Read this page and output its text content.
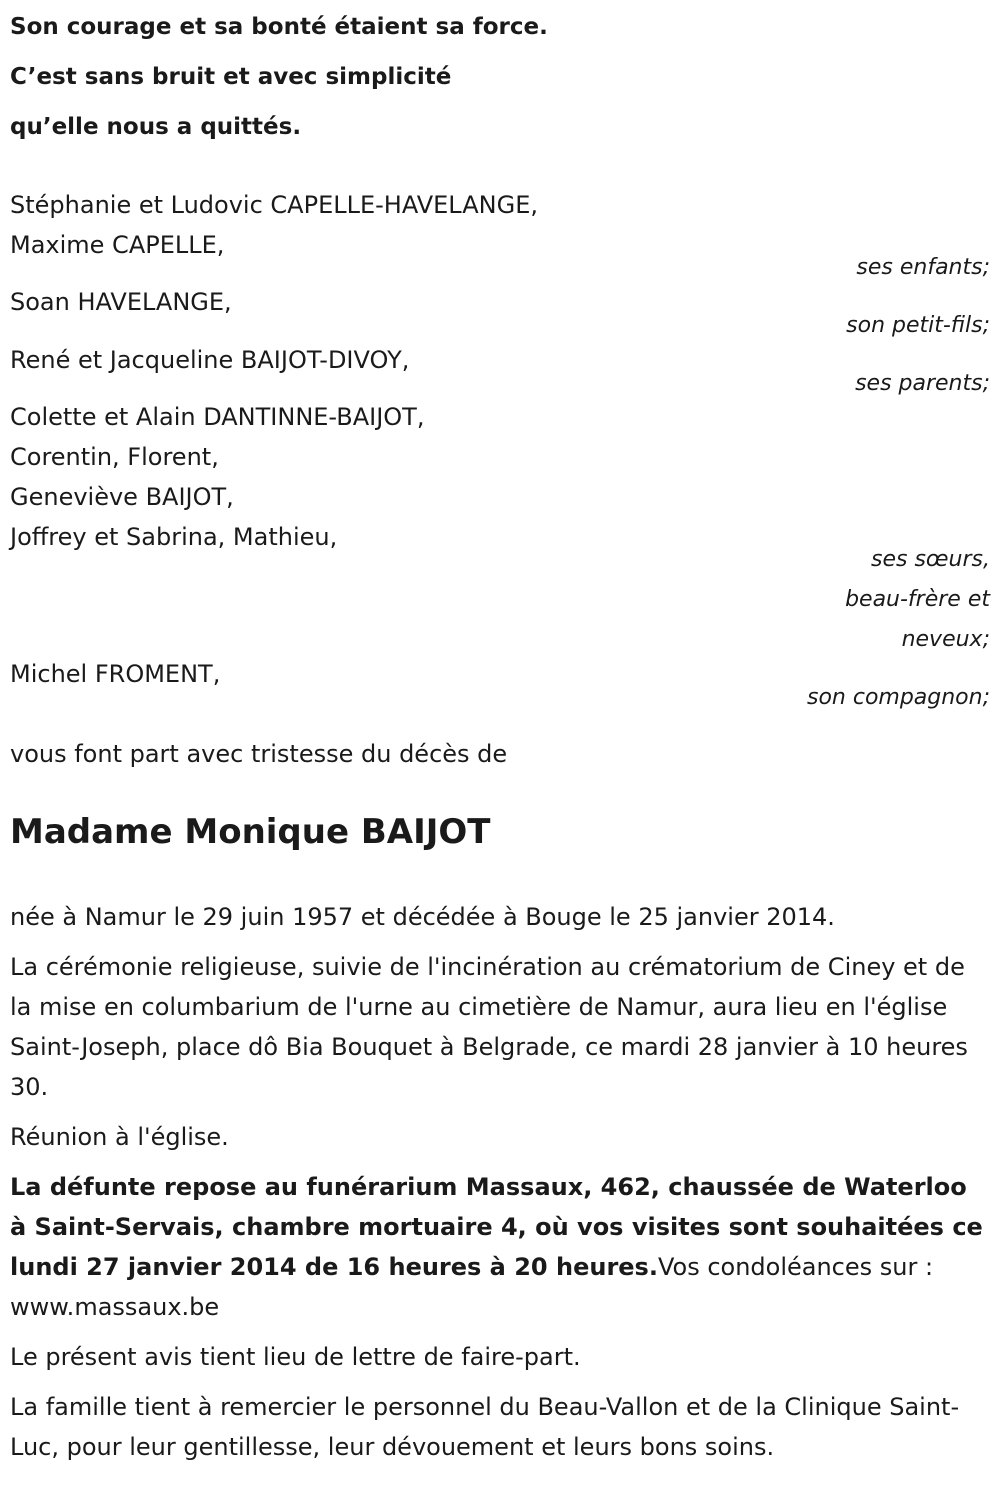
Son courage et sa bonté étaient sa force.

C’est sans bruit et avec simplicité

qu’elle nous a quittés.

Stéphanie et Ludovic CAPELLE-HAVELANGE,

Maxime CAPELLE,

ses enfants;

Soan HAVELANGE,

son petit-fils;

René et Jacqueline BAIJOT-DIVOY,

ses parents;

Colette et Alain DANTINNE-BAIJOT,

Corentin, Florent,

Geneviève BAIJOT,

Joffrey et Sabrina, Mathieu,

ses sœurs,

beau-frère et

neveux;

Michel FROMENT,

son compagnon;

vous font part avec tristesse du décès de

Madame Monique BAIJOT

née à Namur le 29 juin 1957 et décédée à Bouge le 25 janvier 2014.

La cérémonie religieuse, suivie de l'incinération au crématorium de Ciney et de la mise en columbarium de l'urne au cimetière de Namur, aura lieu en l'église Saint-Joseph, place dô Bia Bouquet à Belgrade, ce mardi 28 janvier à 10 heures 30.

Réunion à l'église.

La défunte repose au funérarium Massaux, 462, chaussée de Waterloo à Saint-Servais, chambre mortuaire 4, où vos visites sont souhaitées ce lundi 27 janvier 2014 de 16 heures à 20 heures.Vos condoléances sur : www.massaux.be

Le présent avis tient lieu de lettre de faire-part.

La famille tient à remercier le personnel du Beau-Vallon et de la Clinique Saint-Luc, pour leur gentillesse, leur dévouement et leurs bons soins.
